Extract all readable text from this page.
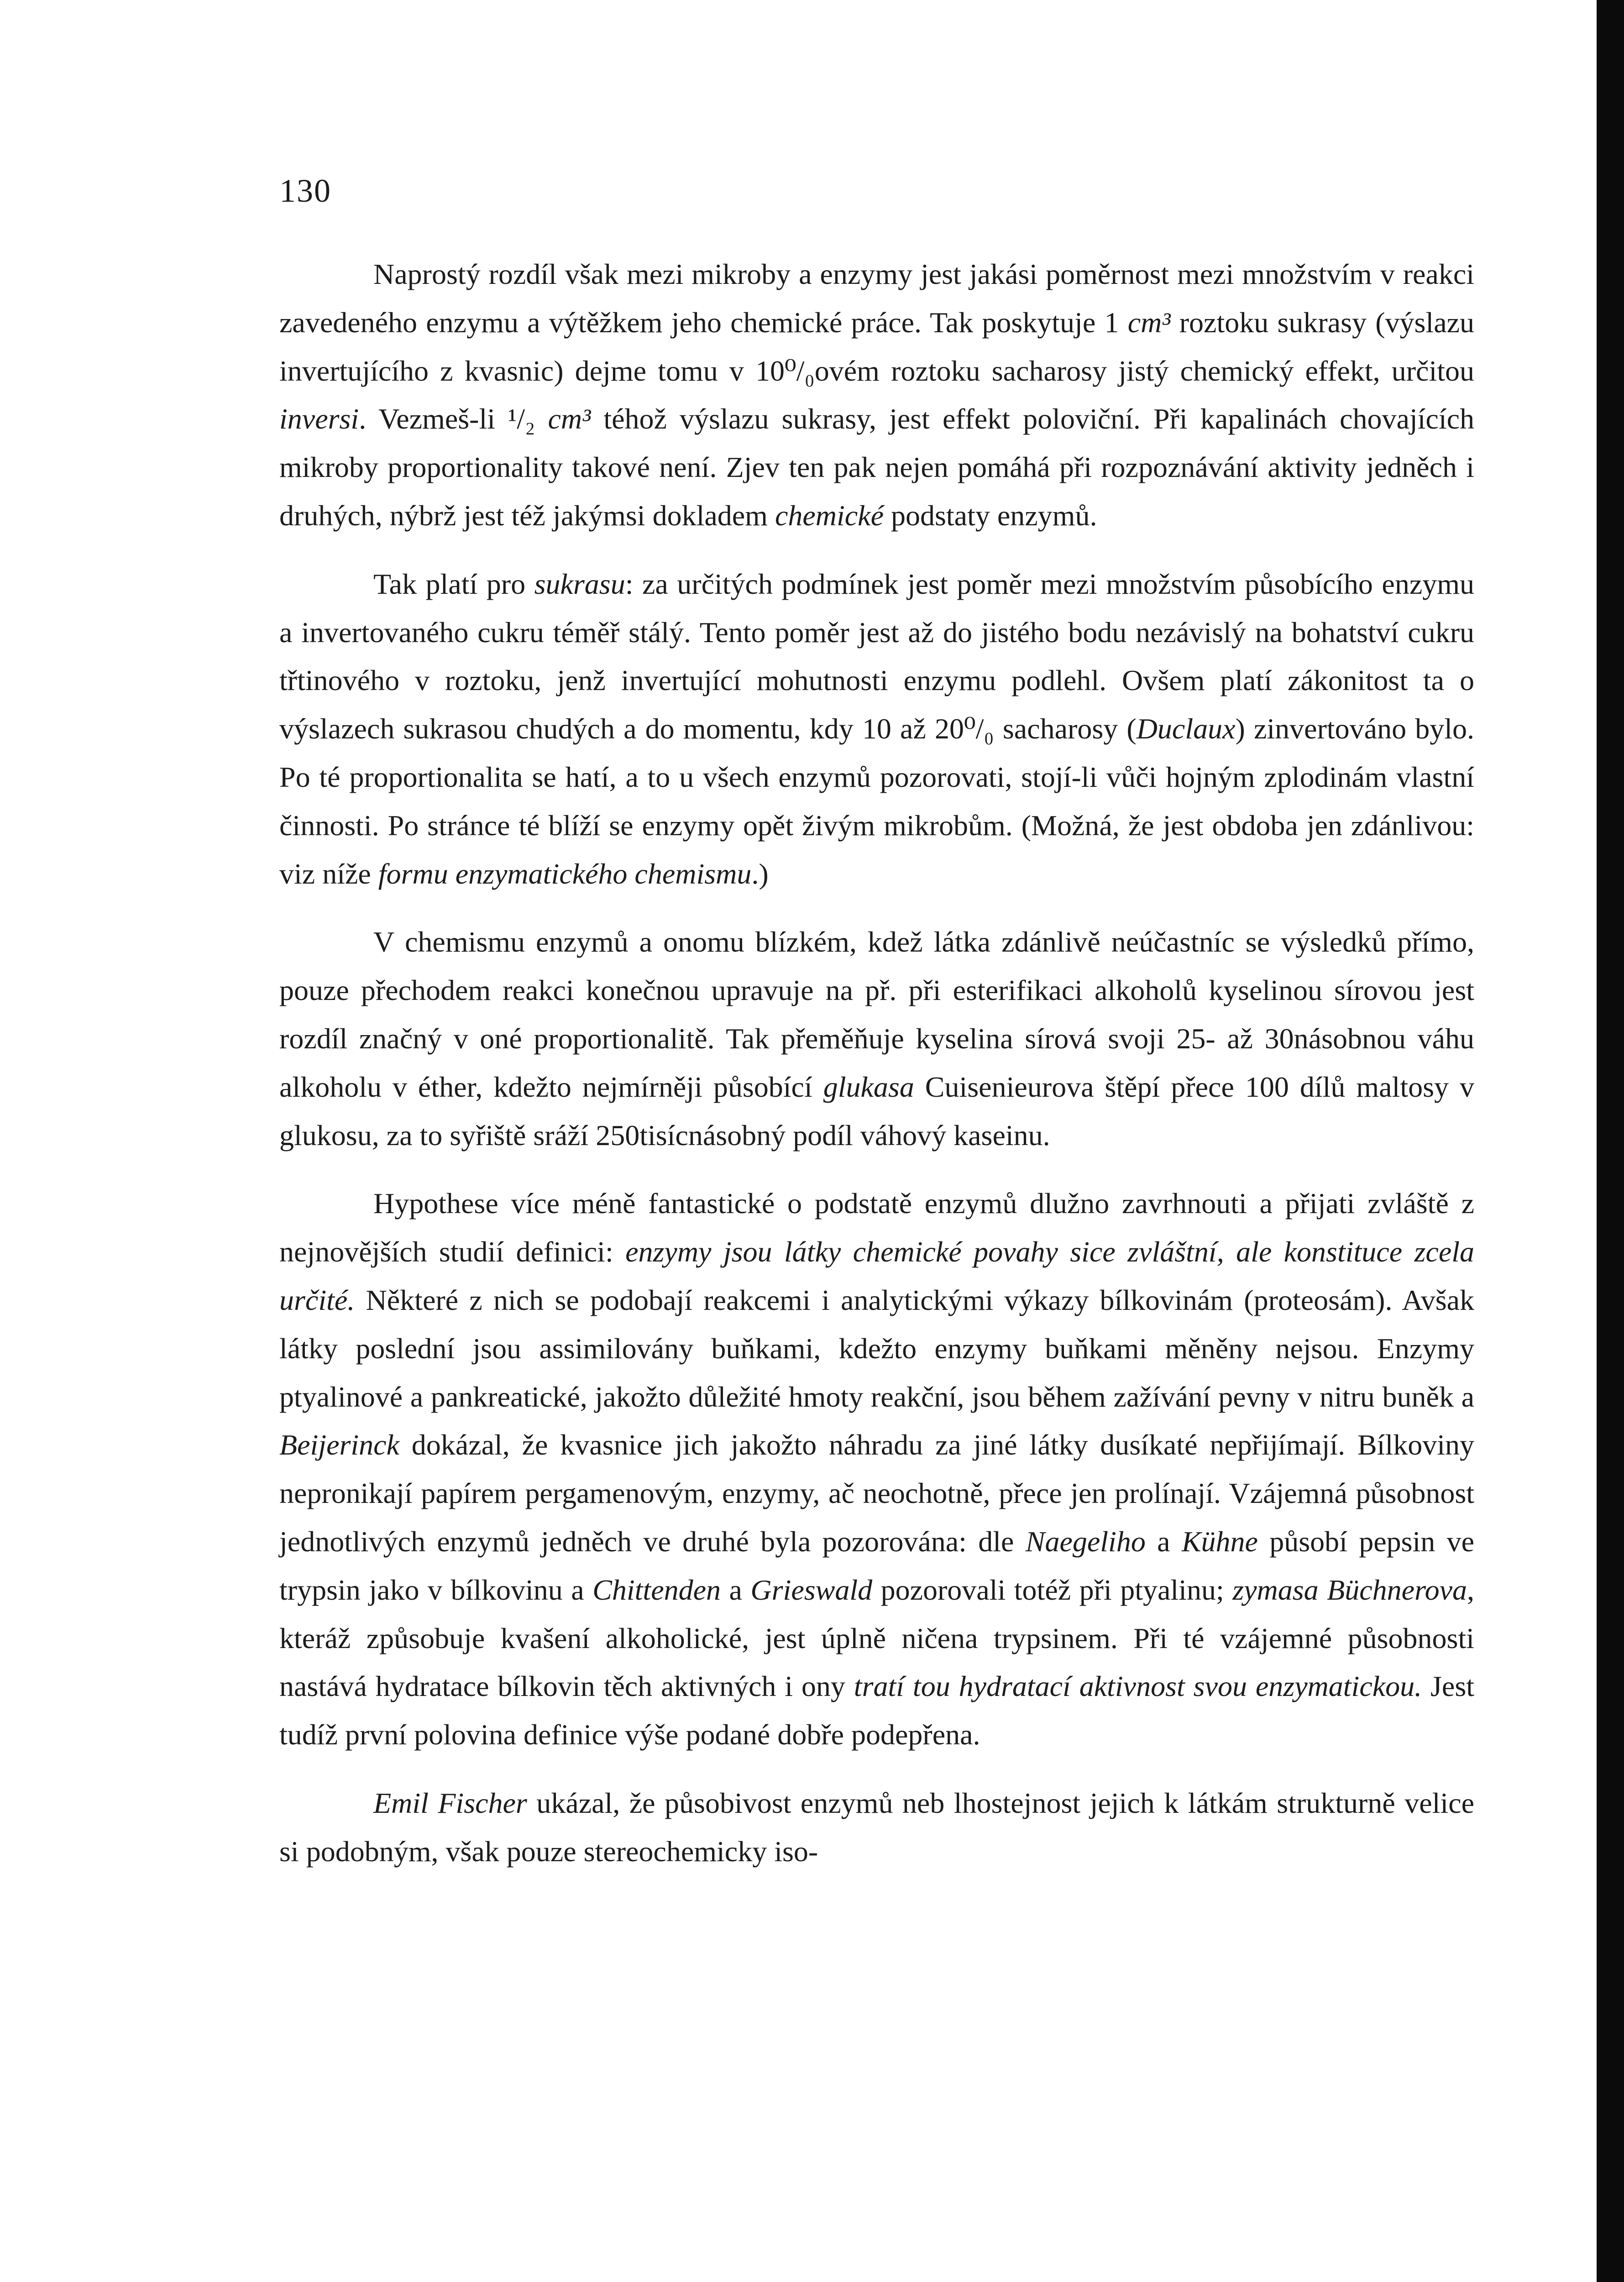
130

Naprostý rozdíl však mezi mikroby a enzymy jest jakási poměrnost mezi množstvím v reakci zavedeného enzymu a výtěžkem jeho chemické práce. Tak poskytuje 1 cm³ roztoku sukrasy (výslazu invertujícího z kvasnic) dejme tomu v 10⁰/₀ovém roztoku sacharosy jistý chemický effekt, určitou inversi. Vezmeš-li ¹/₂ cm³ téhož výslazu sukrasy, jest effekt poloviční. Při kapalinách chovajících mikroby proportionality takové není. Zjev ten pak nejen pomáhá při rozpoznávání aktivity jedněch i druhých, nýbrž jest též jakýmsi dokladem chemické podstaty enzymů.

Tak platí pro sukrasu: za určitých podmínek jest poměr mezi množstvím působícího enzymu a invertovaného cukru téměř stálý. Tento poměr jest až do jistého bodu nezávislý na bohatství cukru třtinového v roztoku, jenž invertující mohutnosti enzymu podlehl. Ovšem platí zákonitost ta o výslazech sukrasou chudých a do momentu, kdy 10 až 20⁰/₀ sacharosy (Duclaux) zinvertováno bylo. Po té proportionalita se hatí, a to u všech enzymů pozorovati, stojí-li vůči hojným zplodinám vlastní činnosti. Po stránce té blíží se enzymy opět živým mikrobům. (Možná, že jest obdoba jen zdánlivou: viz níže formu enzymatického chemismu.)

V chemismu enzymů a onomu blízkém, kdež látka zdánlivě neúčastníc se výsledků přímo, pouze přechodem reakci konečnou upravuje na př. při esterifikaci alkoholů kyselinou sírovou jest rozdíl značný v oné proportionalitě. Tak přeměňuje kyselina sírová svoji 25- až 30násobnou váhu alkoholu v éther, kdežto nejmírněji působící glukasa Cuisenieurova štěpí přece 100 dílů maltosy v glukosu, za to syřiště sráží 250tisícnásobný podíl váhový kaseinu.

Hypothese více méně fantastické o podstatě enzymů dlužno zavrhnouti a přijati zvláště z nejnovějších studií definici: enzymy jsou látky chemické povahy sice zvláštní, ale konstituce zcela určité. Některé z nich se podobají reakcemi i analytickými výkazy bílkovinám (proteosám). Avšak látky poslední jsou assimilovány buňkami, kdežto enzymy buňkami měněny nejsou. Enzymy ptyalinové a pankreatické, jakožto důležité hmoty reakční, jsou během zažívání pevny v nitru buněk a Beijerinck dokázal, že kvasnice jich jakožto náhradu za jiné látky dusíkaté nepřijímají. Bílkoviny nepronikají papírem pergamenovým, enzymy, ač neochotně, přece jen prolínají. Vzájemná působnost jednotlivých enzymů jedněch ve druhé byla pozorována: dle Naegeliho a Kühne působí pepsin ve trypsin jako v bílkovinu a Chittenden a Grieswald pozorovali totéž při ptyalinu; zymasa Büchnerova, kteráž způsobuje kvašení alkoholické, jest úplně ničena trypsinem. Při té vzájemné působnosti nastává hydratace bílkovin těch aktivných i ony tratí tou hydratací aktivnost svou enzymatickou. Jest tudíž první polovina definice výše podané dobře podepřena.

Emil Fischer ukázal, že působivost enzymů neb lhostejnost jejich k látkám strukturně velice si podobným, však pouze stereochemicky iso-
